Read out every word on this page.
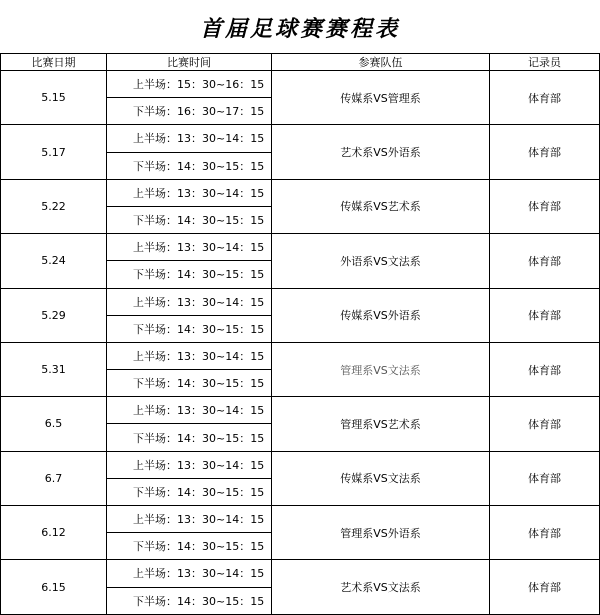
首届足球赛赛程表
比赛日期	比赛时间	参赛队伍	记录员
5.15	上半场：15：30~16：15	传媒系VS管理系	体育部
	下半场：16：30~17：15		
5.17	上半场：13：30~14：15	艺术系VS外语系	体育部
	下半场：14：30~15：15		
5.22	上半场：13：30~14：15	传媒系VS艺术系	体育部
	下半场：14：30~15：15		
5.24	上半场：13：30~14：15	外语系VS文法系	体育部
	下半场：14：30~15：15		
5.29	上半场：13：30~14：15	传媒系VS外语系	体育部
	下半场：14：30~15：15		
5.31	上半场：13：30~14：15	管理系VS文法系	体育部
	下半场：14：30~15：15		
6.5	上半场：13：30~14：15	管理系VS艺术系	体育部
	下半场：14：30~15：15		
6.7	上半场：13：30~14：15	传媒系VS文法系	体育部
	下半场：14：30~15：15		
6.12	上半场：13：30~14：15	管理系VS外语系	体育部
	下半场：14：30~15：15		
6.15	上半场：13：30~14：15	艺术系VS文法系	体育部
	下半场：14：30~15：15		
